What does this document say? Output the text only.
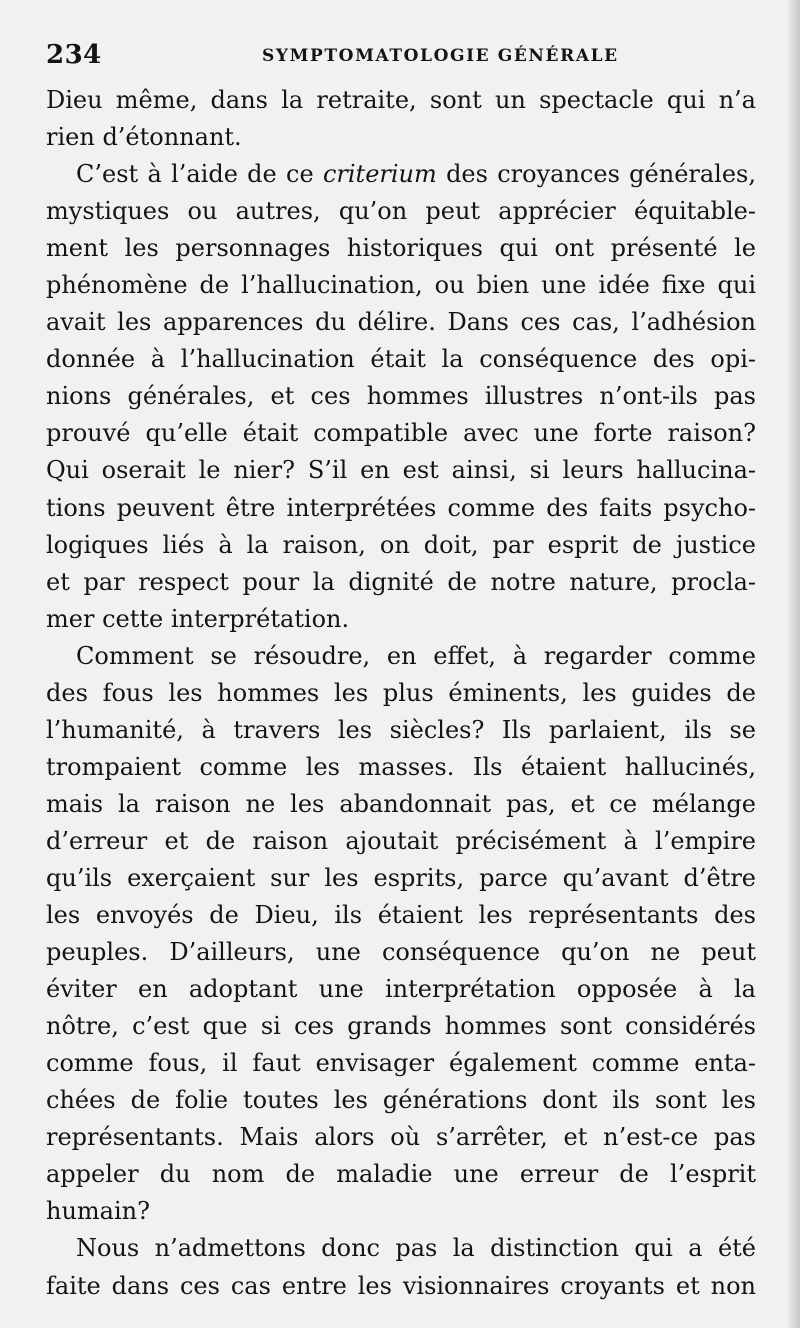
234	SYMPTOMATOLOGIE GÉNÉRALE
Dieu même, dans la retraite, sont un spectacle qui n’a
rien d’étonnant.
C’est à l’aide de ce criterium des croyances générales,
mystiques ou autres, qu’on peut apprécier équitable-
ment les personnages historiques qui ont présenté le
phénomène de l’hallucination, ou bien une idée fixe qui
avait les apparences du délire. Dans ces cas, l’adhésion
donnée à l’hallucination était la conséquence des opi-
nions générales, et ces hommes illustres n’ont-ils pas
prouvé qu’elle était compatible avec une forte raison?
Qui oserait le nier? S’il en est ainsi, si leurs hallucina-
tions peuvent être interprétées comme des faits psycho-
logiques liés à la raison, on doit, par esprit de justice
et par respect pour la dignité de notre nature, procla-
mer cette interprétation.
Comment se résoudre, en effet, à regarder comme
des fous les hommes les plus éminents, les guides de
l’humanité, à travers les siècles? Ils parlaient, ils se
trompaient comme les masses. Ils étaient hallucinés,
mais la raison ne les abandonnait pas, et ce mélange
d’erreur et de raison ajoutait précisément à l’empire
qu’ils exerçaient sur les esprits, parce qu’avant d’être
les envoyés de Dieu, ils étaient les représentants des
peuples. D’ailleurs, une conséquence qu’on ne peut
éviter en adoptant une interprétation opposée à la
nôtre, c’est que si ces grands hommes sont considérés
comme fous, il faut envisager également comme enta-
chées de folie toutes les générations dont ils sont les
représentants. Mais alors où s’arrêter, et n’est-ce pas
appeler du nom de maladie une erreur de l’esprit
humain?
Nous n’admettons donc pas la distinction qui a été
faite dans ces cas entre les visionnaires croyants et non
